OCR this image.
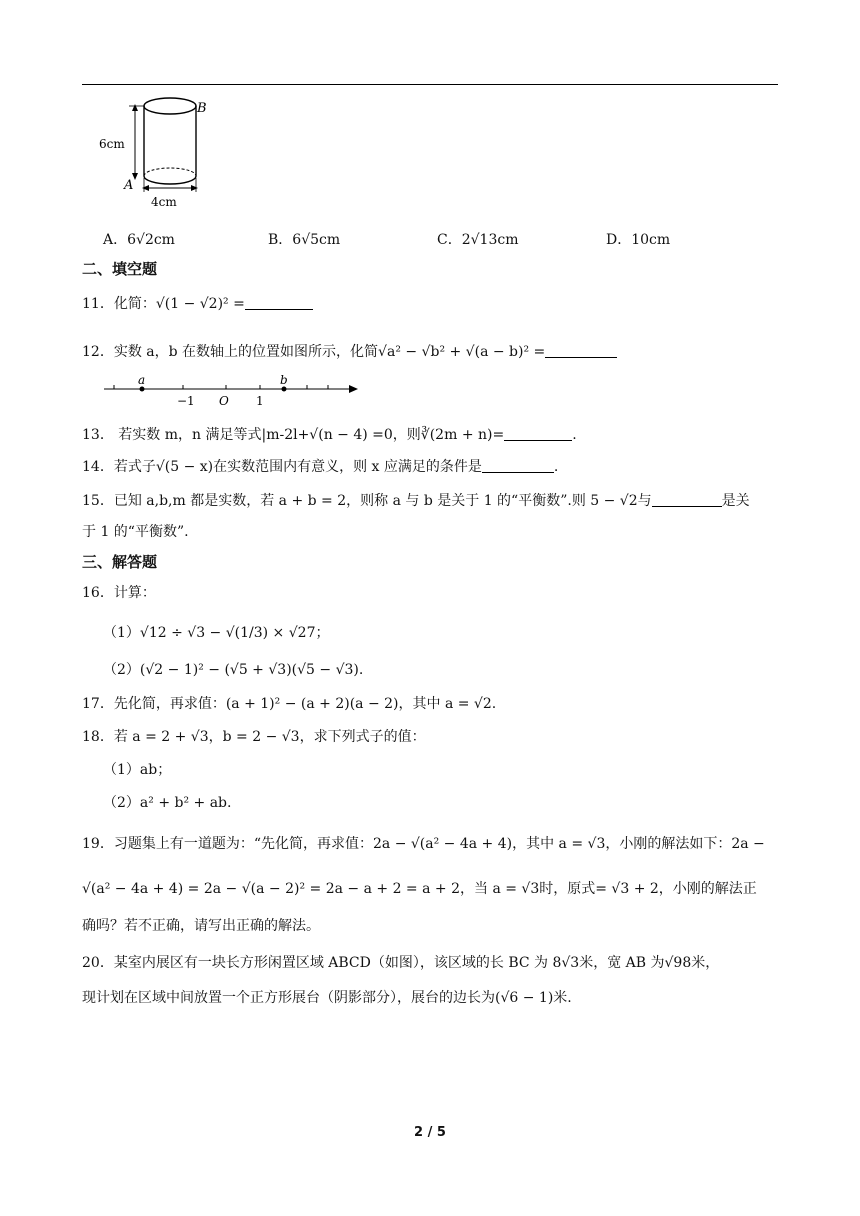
B
A
6cm
4cm
A．6√2cm	B．6√5cm	C．2√13cm	D．10cm
二、填空题
11．化简：√(1 − √2)² =
12．实数 a，b 在数轴上的位置如图所示，化简√a² − √b² + √(a − b)² =
a	b
−1 O 1
13． 若实数 m，n 满足等式|m-2l+√(n − 4) =0，则∛(2m + n)=	.
14．若式子√(5 − x)在实数范围内有意义，则 x 应满足的条件是	.
15．已知 a,b,m 都是实数，若 a + b = 2，则称 a 与 b 是关于 1 的“平衡数”.则 5 − √2与	是关
于 1 的“平衡数”.
三、解答题
16．计算：
（1）√12 ÷ √3 − √(1/3) × √27；
（2）(√2 − 1)² − (√5 + √3)(√5 − √3).
17．先化简，再求值：(a + 1)² − (a + 2)(a − 2)，其中 a = √2.
18．若 a = 2 + √3，b = 2 − √3，求下列式子的值：
（1）ab；
（2）a² + b² + ab.
19．习题集上有一道题为：“先化简，再求值：2a − √(a² − 4a + 4)，其中 a = √3，小刚的解法如下：2a −
√(a² − 4a + 4) = 2a − √(a − 2)² = 2a − a + 2 = a + 2，当 a = √3时，原式= √3 + 2，小刚的解法正
确吗？若不正确，请写出正确的解法。
20．某室内展区有一块长方形闲置区域 ABCD（如图），该区域的长 BC 为 8√3米，宽 AB 为√98米，
现计划在区域中间放置一个正方形展台（阴影部分），展台的边长为(√6 − 1)米.
2 / 5
